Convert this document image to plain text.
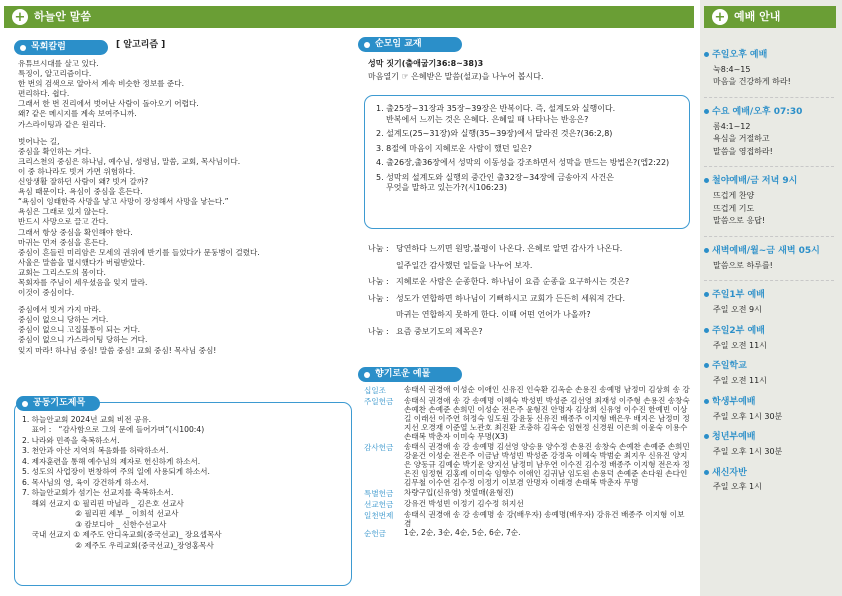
+ 하늘안 말씀
목회칼럼	[ 알고리즘 ]
유튜브시대를 살고 있다.
특징이, 알고리즘이다.
한 번의 검색으로 알아서 계속 비슷한 정보를 준다.
편리하다. 쉽다.
그래서 한 번 진리에서 벗어난 사람이 돌아오기 어렵다.
왜? 같은 메시지를 계속 보여주니까.
가스라이팅과 같은 원리다.
벗어나는 길,
중심을 확인하는 거다.
크리스천의 중심은 하나님, 예수님, 성령님, 말씀, 교회, 목사님이다.
이 중 하나라도 빗겨 가면 위험하다.
신앙생활 잘하던 사람이 왜? 빗겨 갈까?
욕심 때문이다. 욕심이 중심을 흔든다.
“욕심이 잉태한즉 사망을 낳고 사망이 장성해서 사망을 낳는다.”
욕심은 그래로 있지 않는다.
반드시 사망으로 끌고 간다.
그래서 항상 중심을 확인해야 한다.
마귀는 먼저 중심을 흔든다.
중심이 흔들린 미리암은 모세의 권위에 반기를 들었다가 문둥병이 걸렸다.
사울은 말씀을 멸시했다가 버림받았다.
교회는 그리스도의 몸이다.
목회자를 주님이 세우셨음을 잊지 말라.
이것이 중심이다.
중심에서 빗겨 가지 마라.
중심이 없으니 당하는 거다.
중심이 없으니 고집불통이 되는 거다.
중심이 없으니 가스라이팅 당하는 거다.
잊지 마라! 하나님 중심! 말씀 중심! 교회 중심! 목사님 중심!
공동기도제목
1. 하늘안교회 2024년 교회 비전 공유.
표어 :   “감사함으로 그의 문에 들어가며”(시100:4)
2. 나라와 민족을 축복하소서.
3. 천안과 아산 지역의 복음화를 허락하소서.
4. 제자훈련을 통해 예수님의 제자로 헌신하게 하소서.
5. 성도의 사업장이 번창하여 주의 일에 사용되게 하소서.
6. 목사님의 영, 육이 강건하게 하소서.
7. 하늘안교회가 섬기는 선교지를 축복하소서.
해외 선교지 ① 필리핀 마닐라 _ 김은호 선교사
② 필리핀 세부 _ 이희석 선교사
③ 캄보디아 _ 신한수선교사
국내 선교지 ① 제주도 안디옥교회(중국선교)_ 장요셉목사
② 제주도 우리교회(중국선교)_장영홍목사
순모임 교재
성막 짓기(출애굽기36:8~38)3
마음열기 ☞ 은혜받은 말씀(설교)을 나누어 봅시다.
1. 출25장~31장과 35장~39장은 반복이다. 즉, 설계도와 실행이다.
반복에서 느끼는 것은 은혜다. 은혜일 때 나타나는 반응은?
2. 설계도(25~31장)와 실행(35~39장)에서 달라진 것은?(36:2,8)
3. 8절에 마음이 지혜로운 사람이 했던 일은?
4. 출26장,출36장에서 성막의 이동성을 강조하면서 성막을 만드는 방법은?(엡2:22)
5. 성막의 설계도와 실행의 중간인 출32장~34장에 금송아지 사건은
무엇을 말하고 있는가?(시106:23)
나눔 : 당연하다 느끼면 원망,불평이 나온다. 은혜로 알면 감사가 나온다.
일주일간 감사했던 일들을 나누어 보자.
나눔 : 지혜로운 사람은 순종한다. 하나님이 요즘 순종을 요구하시는 것은?
나눔 : 성도가 연합하면 하나님이 기뻐하시고 교회가 든든히 세워져 간다.
마귀는 연합하지 못하게 한다. 이때 어떤 언어가 나올까?
나눔 : 요즘 중보기도의 제목은?
향기로운 예물
십일조	송태식 권경애 이성순 이애인 신유진 인숙환 김옥순 손용진 송예명 남정미 김상희 송 강
주일헌금	송태식 권경애 송 강 송예명 이혜숙 박성빈 박성준 김선영 최재성 이주형 손용진 송창숙 손예찬 손예준 손희민 이성순 전은주 윤형진 안명자 김상희 신유영 이수진 한예빈 이상길 이래선 이주연 허정숙 임도원 강윤둥 신유진 배종주 이지형 배은우 배지은 남정미 정지선 오경재 이준열 노관호 최진환 조충하 김옥순 임현정 신경원 이은희 이윤숙 이용수 손태복 박춘자 이미숙 무명(X3)
감사헌금	송태식 권경애 송 강 송예명 김선영 양승용 양수정 손용진 송창숙 손예찬 손예준 손희민 강윤건 이성순 전은주 이금남 박성빈 박성준 강정옥 이혜숙 박범순 최지우 신유진 양지은 양동규 김예순 박기운 양지선 남정미 남우연 이수진 김수정 배종주 이지형 전은자 정은진 임정현 김홍례 이미숙 임향수 이애인 김귀남 임도원 손용덕 손예준 손다원 손다인 김무철 이수연 김수정 이정기 이보겸 안명자 이래경 손태복 박춘자 무명
특별헌금	차량구입(신유영) 첫열매(윤형진)
선교헌금	강유건 박성빈 이정기 김수정 허지선
일천번제	송태식 권경애 송 강 송예명 송 강(배우자) 송예명(배우자) 강유건 배종주 이지형 이보겸
순헌금	1순, 2순, 3순, 4순, 5순, 6순, 7순.
+ 예배 안내
주일오후 예배
눅8:4~15
마음을 건강하게 하라!
수요 예배/오후 07:30
롬4:1~12
욕심을 거절하고
말씀을 영접하라!
철야예배/금 저녁 9시
뜨겁게 찬양
뜨겁게 기도
말씀으로 응답!
새벽예배/월~금 새벽 05시
말씀으로 하루를!
주일1부 예배
주일 오전 9시
주일2부 예배
주일 오전 11시
주일학교
주일 오전 11시
학생부예배
주일 오후 1시 30분
청년부예배
주일 오후 1시 30분
새신자반
주일 오후 1시
